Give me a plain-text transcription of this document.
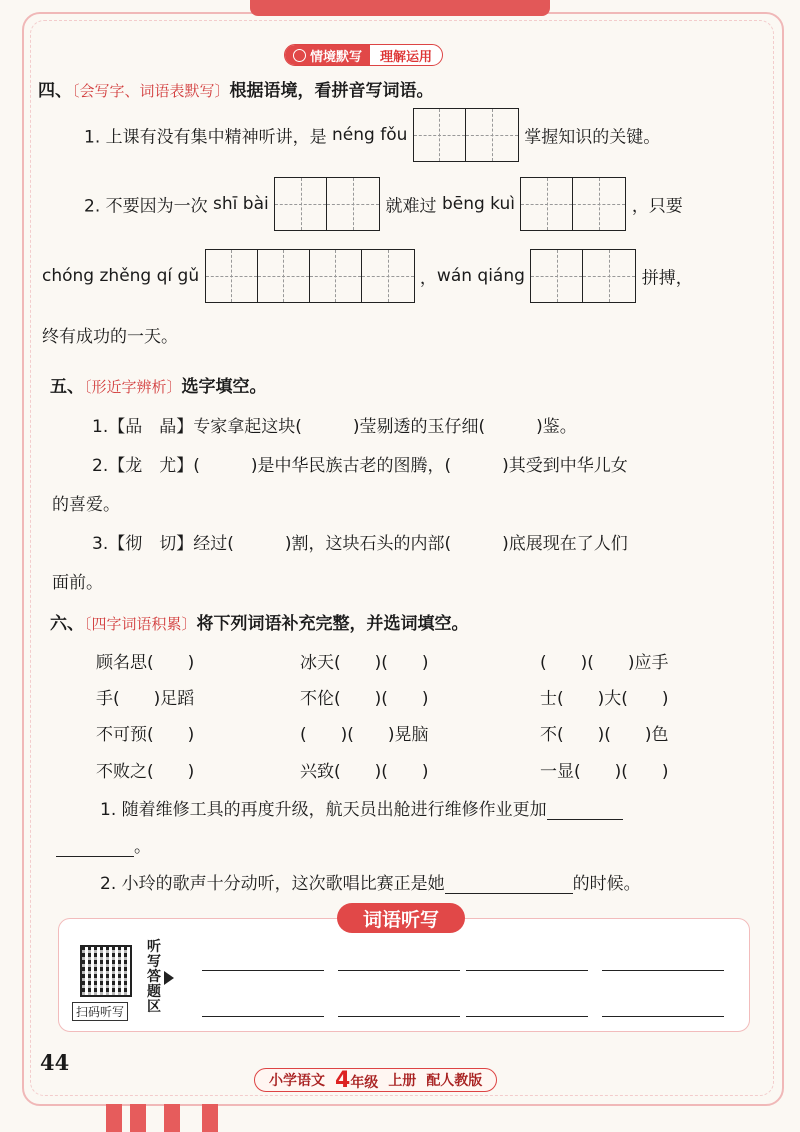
情境默写	理解运用
四、〔会写字、词语表默写〕根据语境，看拼音写词语。
1. 上课有没有集中精神听讲，是 néng fǒu	掌握知识的关键。
2. 不要因为一次 shī bài	就难过 bēng kuì	，只要
chóng zhěng qí gǔ	，wán qiáng	拼搏，
终有成功的一天。
五、〔形近字辨析〕选字填空。
1.【品　晶】专家拿起这块(　　　)莹剔透的玉仔细(　　　)鉴。
2.【龙　尤】(　　　)是中华民族古老的图腾，(　　　)其受到中华儿女
的喜爱。
3.【彻　切】经过(　　　)割，这块石头的内部(　　　)底展现在了人们
面前。
六、〔四字词语积累〕将下列词语补充完整，并选词填空。
顾名思(　　)	冰天(　　)(　　)	(　　)(　　)应手
手(　　)足蹈	不伦(　　)(　　)	士(　　)大(　　)
不可预(　　)	(　　)(　　)晃脑	不(　　)(　　)色
不败之(　　)	兴致(　　)(　　)	一显(　　)(　　)
1. 随着维修工具的再度升级，航天员出舱进行维修作业更加
。
2. 小玲的歌声十分动听，这次歌唱比赛正是她	的时候。
词语听写
扫码听写
听写答题区
44
小学语文 4年级 上册 配人教版
